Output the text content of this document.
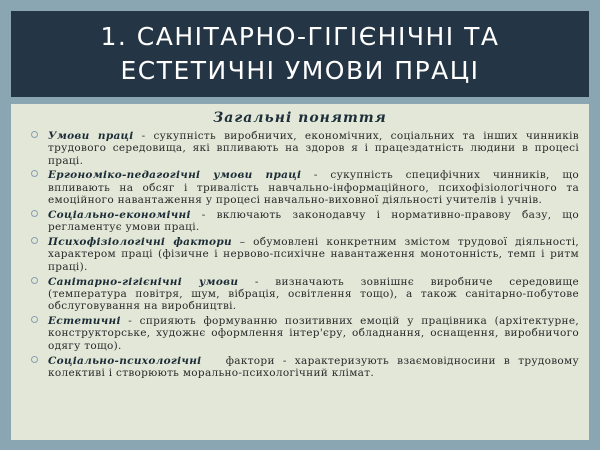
1. САНІТАРНО-ГІГІЄНІЧНІ ТА
ЕСТЕТИЧНІ УМОВИ ПРАЦІ
Загальні поняття
Умови праці - сукупність виробничих, економічних, соціальних та інших чинників трудового середовища, які впливають на здоров я і працездатність людини в процесі праці.
Ергономіко-педагогічні умови праці - сукупність специфічних чинників, що впливають на обсяг і тривалість навчально-інформаційного, психофізіологічного та емоційного навантаження у процесі навчально-виховної діяльності учителів і учнів.
Соціально-економічні - включають законодавчу і нормативно-правову базу, що регламентує умови праці.
Психофізіологічні фактори – обумовлені конкретним змістом трудової діяльності, характером праці (фізичне і нервово-психічне навантаження монотонність, темп і ритм праці).
Санітарно-гігієнічні умови - визначають зовнішнє виробниче середовище (температура повітря, шум, вібрація, освітлення тощо), а також санітарно-побутове обслуговування на виробництві.
Естетичні - сприяють формуванню позитивних емоцій у працівника (архітектурне, конструкторське, художнє оформлення інтер'єру, обладнання, оснащення, виробничого одягу тощо).
Соціально-психологічні   фактори - характеризують взаємовідносини в трудовому колективі і створюють морально-психологічний клімат.
